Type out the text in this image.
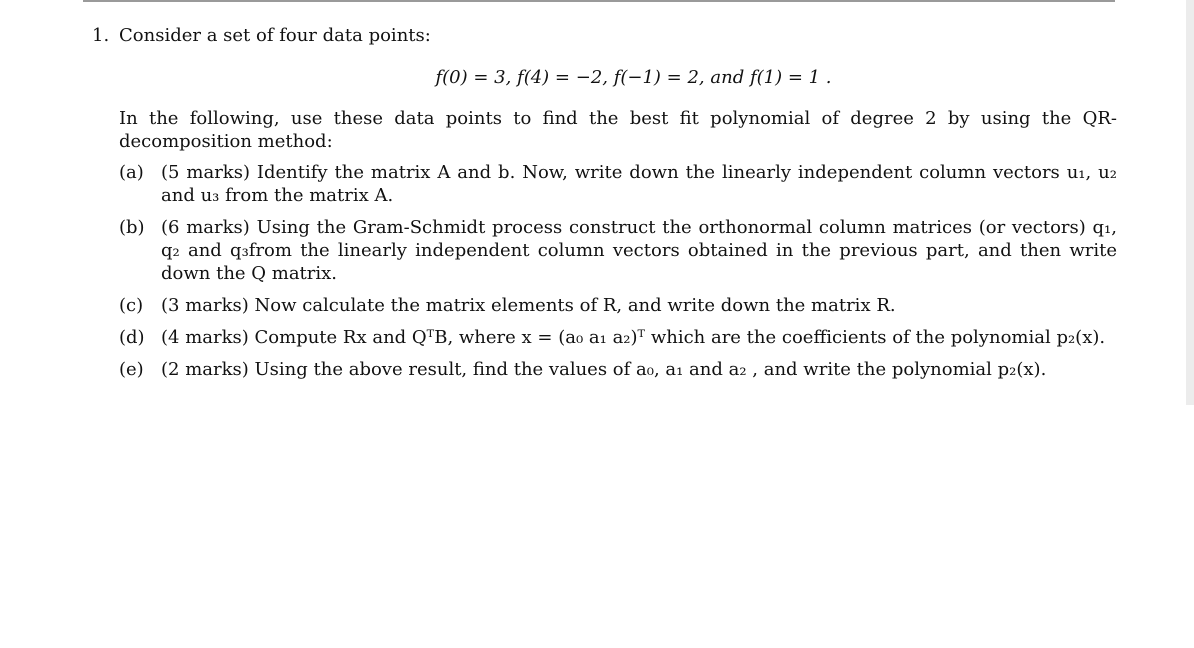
1. Consider a set of four data points:
f(0) = 3, f(4) = −2, f(−1) = 2, and f(1) = 1 .
In the following, use these data points to find the best fit polynomial of degree 2 by using the QR-decomposition method:
(a) (5 marks) Identify the matrix A and b. Now, write down the linearly independent column vectors u₁, u₂ and u₃ from the matrix A.
(b) (6 marks) Using the Gram-Schmidt process construct the orthonormal column matrices (or vectors) q₁, q₂ and q₃from the linearly independent column vectors obtained in the previous part, and then write down the Q matrix.
(c) (3 marks) Now calculate the matrix elements of R, and write down the matrix R.
(d) (4 marks) Compute Rx and QᵀB, where x = (a₀ a₁ a₂)ᵀ which are the coefficients of the polynomial p₂(x).
(e) (2 marks) Using the above result, find the values of a₀, a₁ and a₂ , and write the polynomial p₂(x).
